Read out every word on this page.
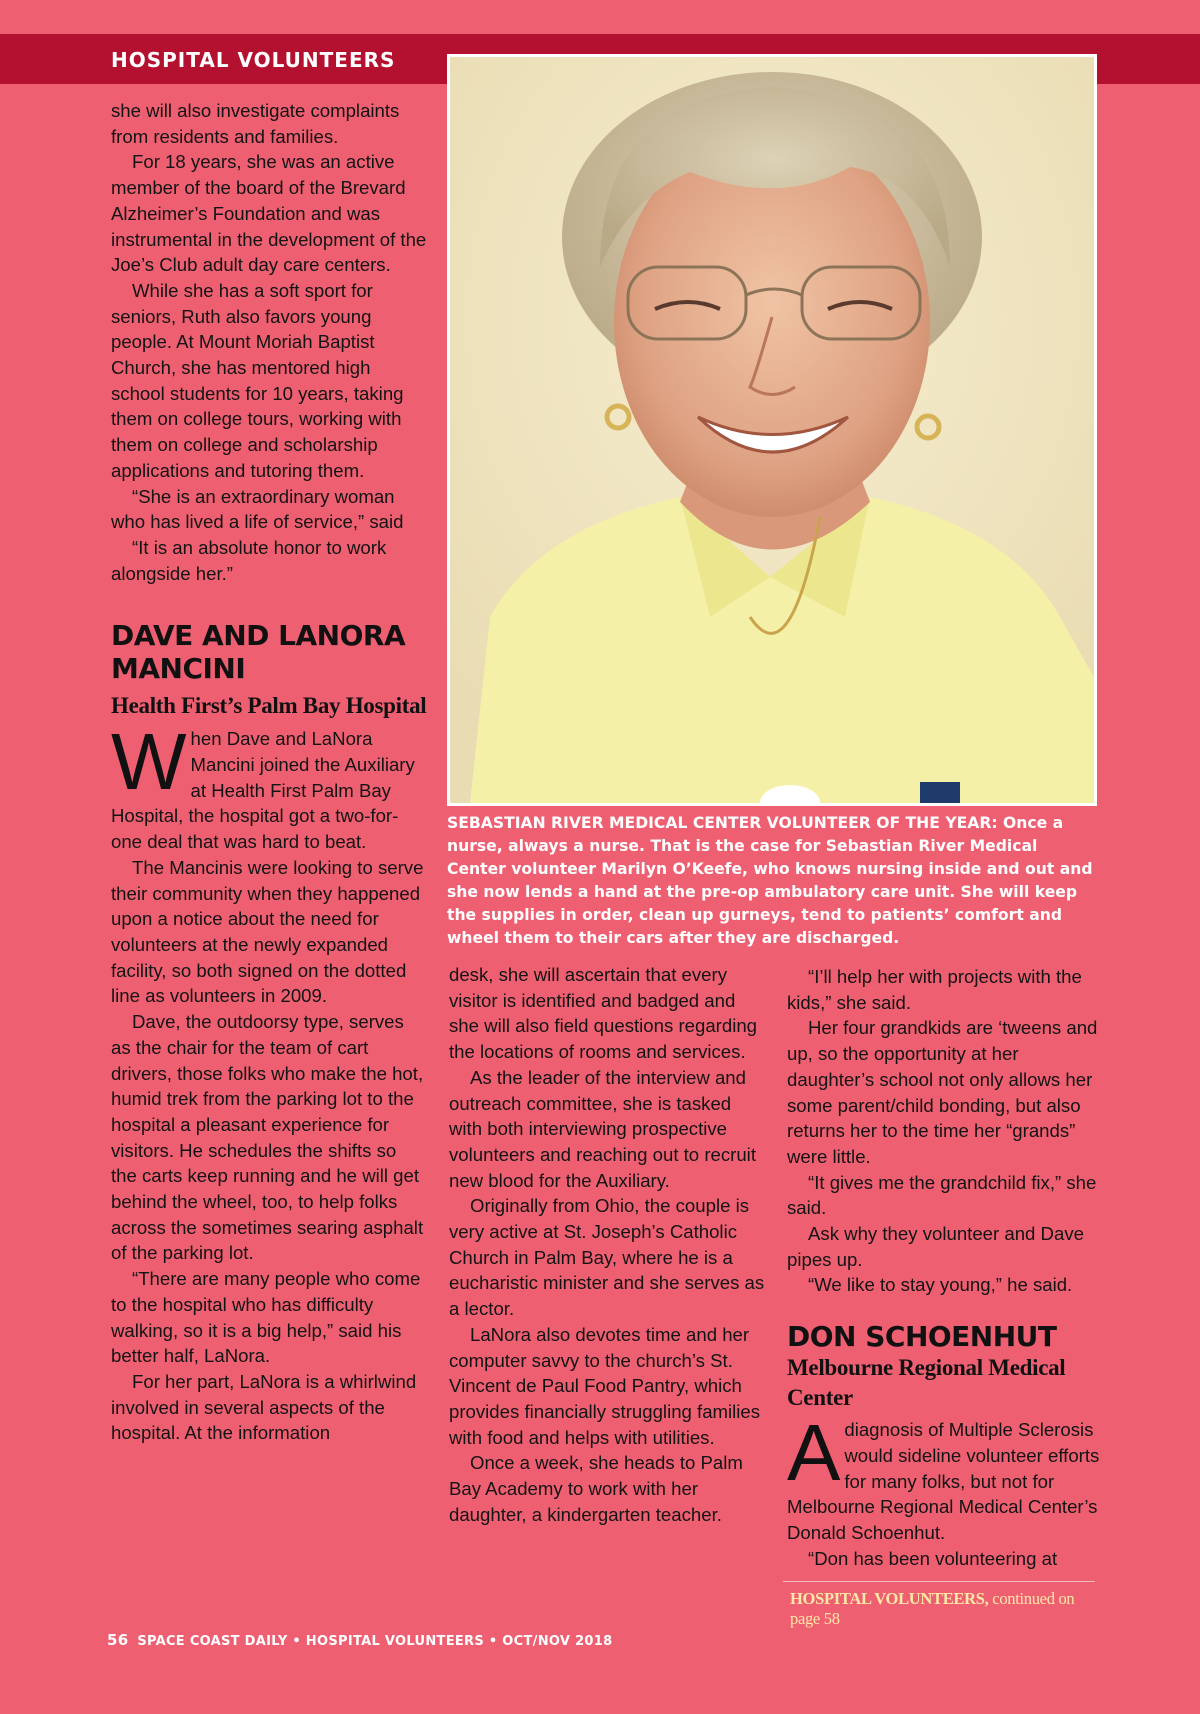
HOSPITAL VOLUNTEERS

she will also investigate complaints from residents and families.

For 18 years, she was an active member of the board of the Brevard Alzheimer’s Foundation and was instrumental in the development of the Joe’s Club adult day care centers.

While she has a soft sport for seniors, Ruth also favors young people. At Mount Moriah Baptist Church, she has mentored high school students for 10 years, taking them on college tours, working with them on college and scholarship applications and tutoring them.

“She is an extraordinary woman who has lived a life of service,” said

“It is an absolute honor to work alongside her.”

DAVE AND LANORA MANCINI
Health First’s Palm Bay Hospital

When Dave and LaNora Mancini joined the Auxiliary at Health First Palm Bay Hospital, the hospital got a two-for-one deal that was hard to beat.

The Mancinis were looking to serve their community when they happened upon a notice about the need for volunteers at the newly expanded facility, so both signed on the dotted line as volunteers in 2009.

Dave, the outdoorsy type, serves as the chair for the team of cart drivers, those folks who make the hot, humid trek from the parking lot to the hospital a pleasant experience for visitors. He schedules the shifts so the carts keep running and he will get behind the wheel, too, to help folks across the sometimes searing asphalt of the parking lot.

“There are many people who come to the hospital who has difficulty walking, so it is a big help,” said his better half, LaNora.

For her part, LaNora is a whirlwind involved in several aspects of the hospital. At the information

SEBASTIAN RIVER MEDICAL CENTER VOLUNTEER OF THE YEAR: Once a nurse, always a nurse. That is the case for Sebastian River Medical Center volunteer Marilyn O’Keefe, who knows nursing inside and out and she now lends a hand at the pre-op ambulatory care unit. She will keep the supplies in order, clean up gurneys, tend to patients’ comfort and wheel them to their cars after they are discharged.

desk, she will ascertain that every visitor is identified and badged and she will also field questions regarding the locations of rooms and services.

As the leader of the interview and outreach committee, she is tasked with both interviewing prospective volunteers and reaching out to recruit new blood for the Auxiliary.

Originally from Ohio, the couple is very active at St. Joseph’s Catholic Church in Palm Bay, where he is a eucharistic minister and she serves as a lector.

LaNora also devotes time and her computer savvy to the church’s St. Vincent de Paul Food Pantry, which provides financially struggling families with food and helps with utilities.

Once a week, she heads to Palm Bay Academy to work with her daughter, a kindergarten teacher.

“I’ll help her with projects with the kids,” she said.

Her four grandkids are ‘tweens and up, so the opportunity at her daughter’s school not only allows her some parent/child bonding, but also returns her to the time her “grands” were little.

“It gives me the grandchild fix,” she said.

Ask why they volunteer and Dave pipes up.

“We like to stay young,” he said.

DON SCHOENHUT
Melbourne Regional Medical Center

Adiagnosis of Multiple Sclerosis would sideline volunteer efforts for many folks, but not for Melbourne Regional Medical Center’s Donald Schoenhut.

“Don has been volunteering at

HOSPITAL VOLUNTEERS, continued on page 58
56 SPACE COAST DAILY • HOSPITAL VOLUNTEERS • OCT/NOV 2018
